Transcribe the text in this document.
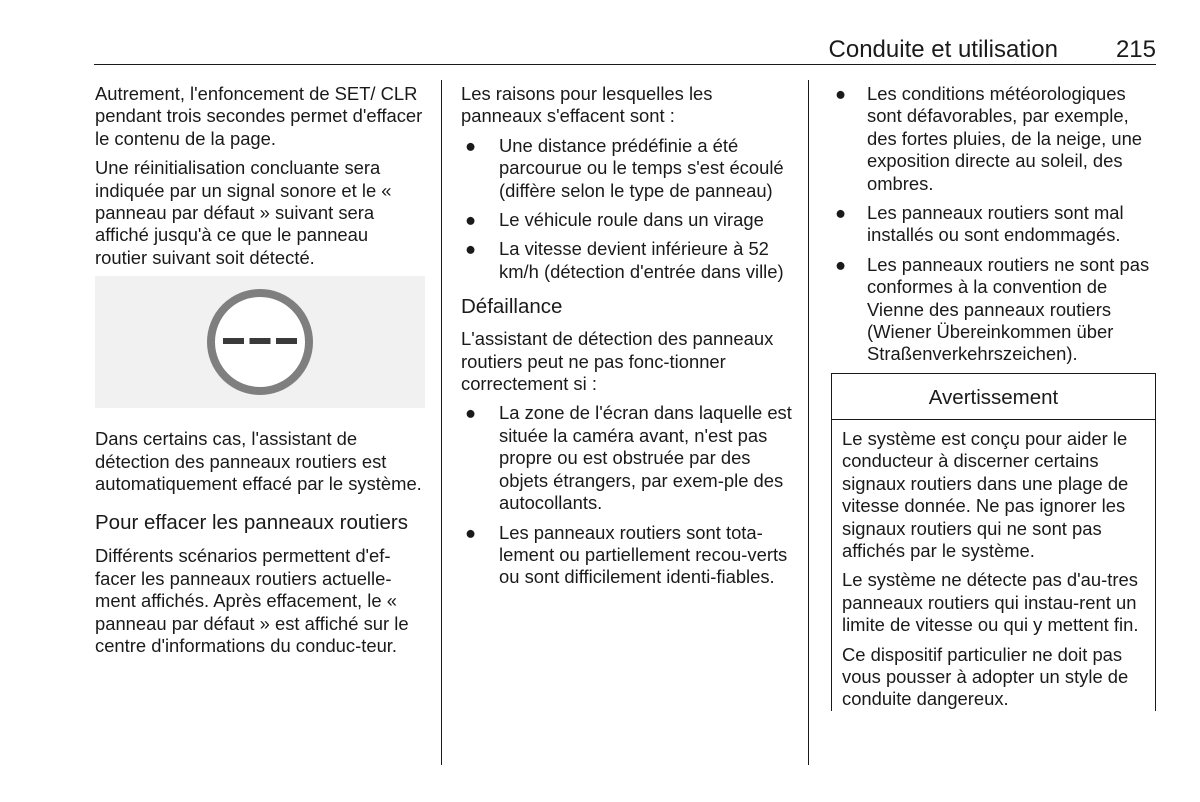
Conduite et utilisation 215

Autrement, l'enfoncement de SET/ CLR pendant trois secondes permet d'effacer le contenu de la page.

Une réinitialisation concluante sera indiquée par un signal sonore et le « panneau par défaut » suivant sera affiché jusqu'à ce que le panneau routier suivant soit détecté.

Dans certains cas, l'assistant de détection des panneaux routiers est automatiquement effacé par le système.

Pour effacer les panneaux routiers

Différents scénarios permettent d'ef-facer les panneaux routiers actuelle-ment affichés. Après effacement, le « panneau par défaut » est affiché sur le centre d'informations du conduc-teur.

Les raisons pour lesquelles les panneaux s'effacent sont :

● Une distance prédéfinie a été parcourue ou le temps s'est écoulé (diffère selon le type de panneau)
● Le véhicule roule dans un virage
● La vitesse devient inférieure à 52 km/h (détection d'entrée dans ville)
Défaillance

L'assistant de détection des panneaux routiers peut ne pas fonc-tionner correctement si :

● La zone de l'écran dans laquelle est située la caméra avant, n'est pas propre ou est obstruée par des objets étrangers, par exem-ple des autocollants.
● Les panneaux routiers sont tota-lement ou partiellement recou-verts ou sont difficilement identi-fiables.
● Les conditions météorologiques sont défavorables, par exemple, des fortes pluies, de la neige, une exposition directe au soleil, des ombres.
● Les panneaux routiers sont mal installés ou sont endommagés.
● Les panneaux routiers ne sont pas conformes à la convention de Vienne des panneaux routiers (Wiener Übereinkommen über Straßenverkehrszeichen).
Avertissement

Le système est conçu pour aider le conducteur à discerner certains signaux routiers dans une plage de vitesse donnée. Ne pas ignorer les signaux routiers qui ne sont pas affichés par le système.

Le système ne détecte pas d'au-tres panneaux routiers qui instau-rent un limite de vitesse ou qui y mettent fin.

Ce dispositif particulier ne doit pas vous pousser à adopter un style de conduite dangereux.
